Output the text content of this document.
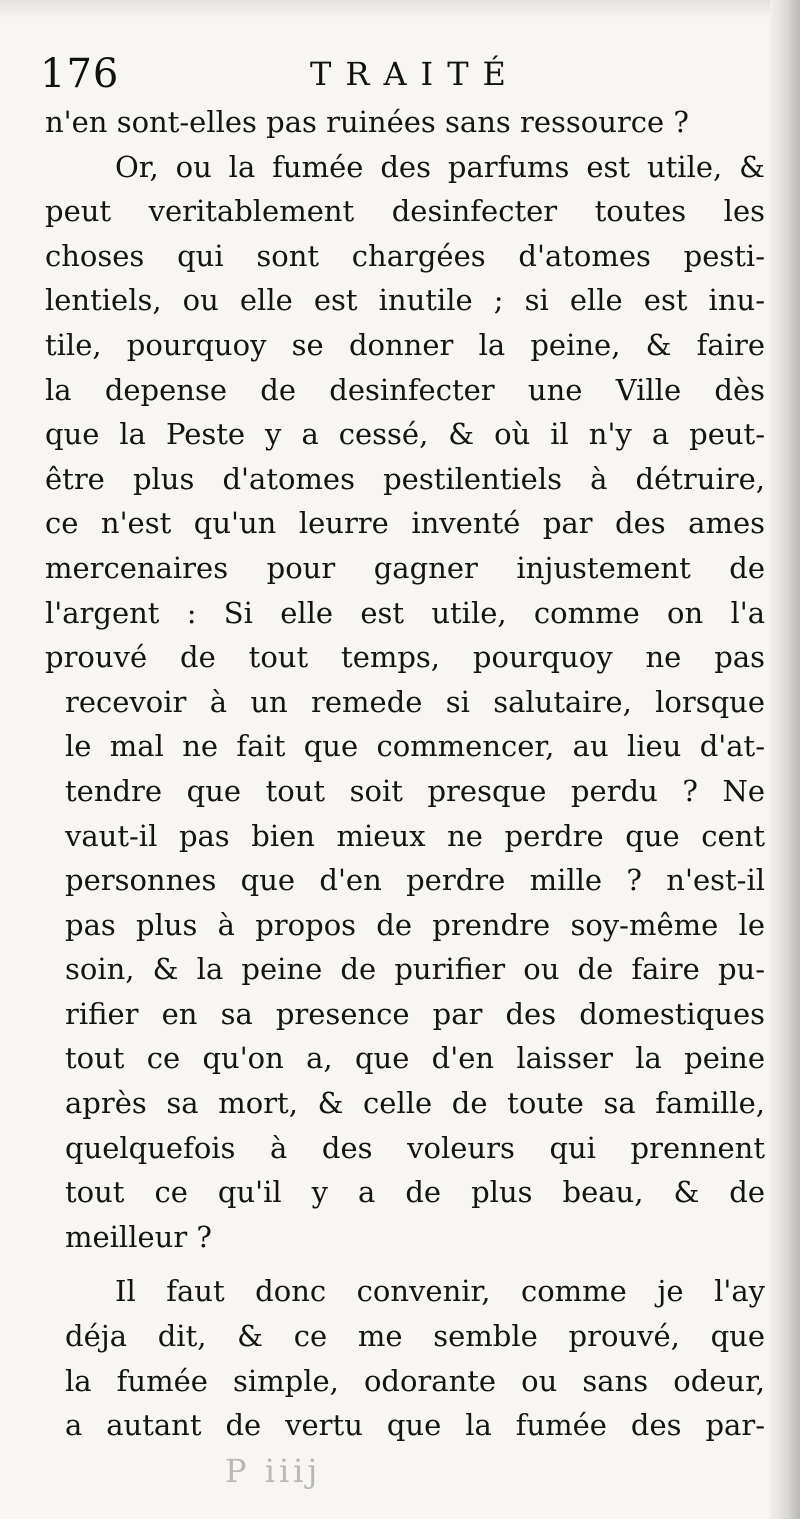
176	TRAITÉ
n'en sont-elles pas ruinées sans ressource ?
Or, ou la fumée des parfums est utile, &
peut veritablement desinfecter toutes les
choses qui sont chargées d'atomes pesti-
lentiels, ou elle est inutile ; si elle est inu-
tile, pourquoy se donner la peine, & faire
la depense de desinfecter une Ville dès
que la Peste y a cessé, & où il n'y a peut-
être plus d'atomes pestilentiels à détruire,
ce n'est qu'un leurre inventé par des ames
mercenaires pour gagner injustement de
l'argent : Si elle est utile, comme on l'a
prouvé de tout temps, pourquoy ne pas
recevoir à un remede si salutaire, lorsque
le mal ne fait que commencer, au lieu d'at-
tendre que tout soit presque perdu ? Ne
vaut-il pas bien mieux ne perdre que cent
personnes que d'en perdre mille ? n'est-il
pas plus à propos de prendre soy-même le
soin, & la peine de purifier ou de faire pu-
rifier en sa presence par des domestiques
tout ce qu'on a, que d'en laisser la peine
après sa mort, & celle de toute sa famille,
quelquefois à des voleurs qui prennent
tout ce qu'il y a de plus beau, & de
meilleur ?
Il faut donc convenir, comme je l'ay
déja dit, & ce me semble prouvé, que
la fumée simple, odorante ou sans odeur,
a autant de vertu que la fumée des par-
P iiij
